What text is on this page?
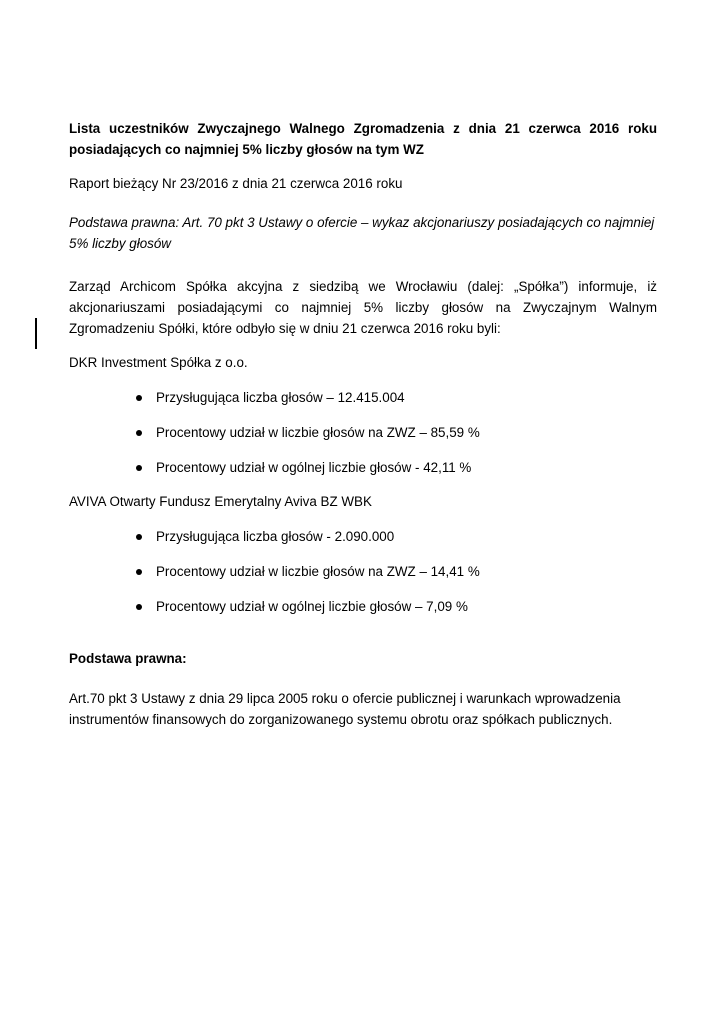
Lista uczestników Zwyczajnego Walnego Zgromadzenia z dnia 21 czerwca 2016 roku posiadających co najmniej 5% liczby głosów na tym WZ

Raport bieżący Nr 23/2016 z dnia 21 czerwca 2016 roku

Podstawa prawna: Art. 70 pkt 3 Ustawy o ofercie – wykaz akcjonariuszy posiadających co najmniej 5% liczby głosów

Zarząd Archicom Spółka akcyjna z siedzibą we Wrocławiu (dalej: „Spółka”) informuje, iż akcjonariuszami posiadającymi co najmniej 5% liczby głosów na Zwyczajnym Walnym Zgromadzeniu Spółki, które odbyło się w dniu 21 czerwca 2016 roku byli:

DKR Investment Spółka z o.o.

Przysługująca liczba głosów – 12.415.004
Procentowy udział w liczbie głosów na ZWZ – 85,59 %
Procentowy udział w ogólnej liczbie głosów - 42,11 %

AVIVA Otwarty Fundusz Emerytalny Aviva BZ WBK

Przysługująca liczba głosów - 2.090.000
Procentowy udział w liczbie głosów na ZWZ – 14,41 %
Procentowy udział w ogólnej liczbie głosów – 7,09 %

Podstawa prawna:

Art.70 pkt 3 Ustawy z dnia 29 lipca 2005 roku o ofercie publicznej i warunkach wprowadzenia instrumentów finansowych do zorganizowanego systemu obrotu oraz spółkach publicznych.
